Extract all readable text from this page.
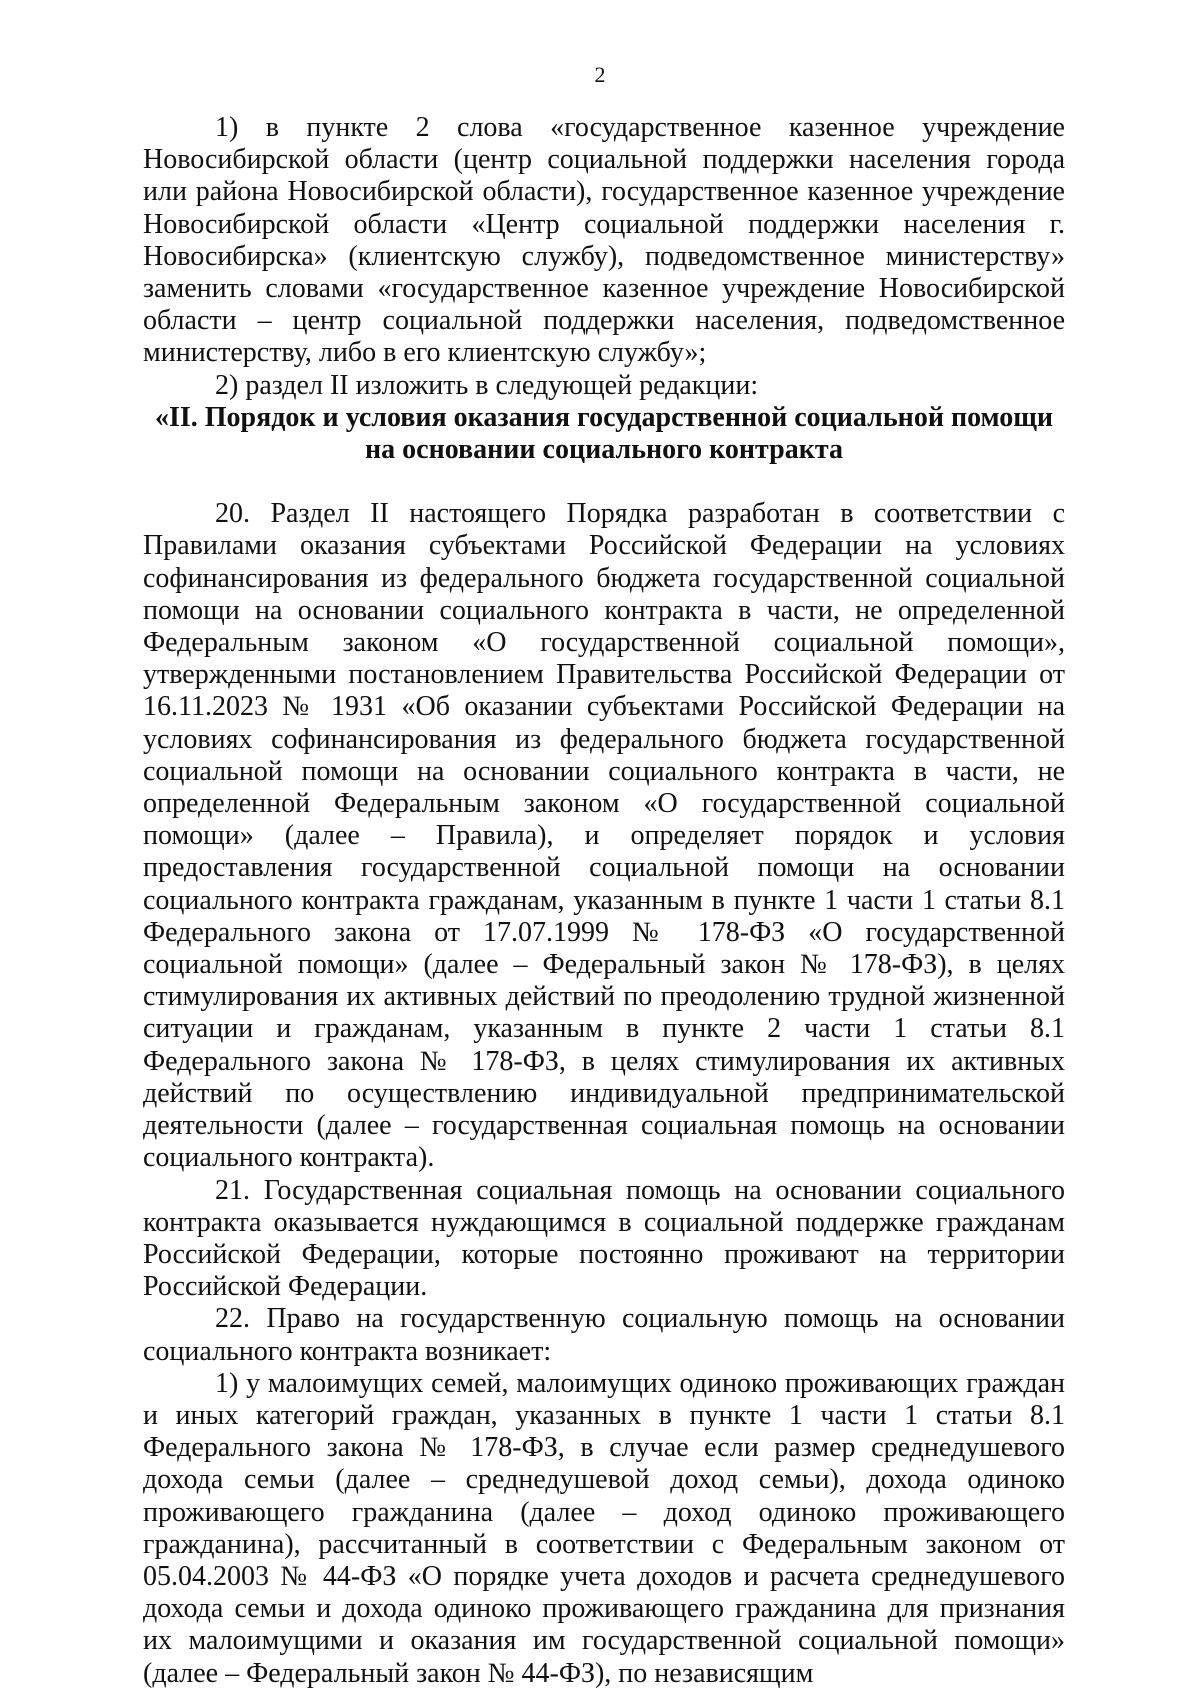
2

1) в пункте 2 слова «государственное казенное учреждение Новосибирской области (центр социальной поддержки населения города или района Новосибирской области), государственное казенное учреждение Новосибирской области «Центр социальной поддержки населения г. Новосибирска» (клиентскую службу), подведомственное министерству» заменить словами «государственное казенное учреждение Новосибирской области – центр социальной поддержки населения, подведомственное министерству, либо в его клиентскую службу»;

2) раздел II изложить в следующей редакции:

«II. Порядок и условия оказания государственной социальной помощи

на основании социального контракта

20. Раздел II настоящего Порядка разработан в соответствии с Правилами оказания субъектами Российской Федерации на условиях софинансирования из федерального бюджета государственной социальной помощи на основании социального контракта в части, не определенной Федеральным законом «О государственной социальной помощи», утвержденными постановлением Правительства Российской Федерации от 16.11.2023 № 1931 «Об оказании субъектами Российской Федерации на условиях софинансирования из федерального бюджета государственной социальной помощи на основании социального контракта в части, не определенной Федеральным законом «О государственной социальной помощи» (далее – Правила), и определяет порядок и условия предоставления государственной социальной помощи на основании социального контракта гражданам, указанным в пункте 1 части 1 статьи 8.1 Федерального закона от 17.07.1999 № 178-ФЗ «О государственной социальной помощи» (далее – Федеральный закон № 178-ФЗ), в целях стимулирования их активных действий по преодолению трудной жизненной ситуации и гражданам, указанным в пункте 2 части 1 статьи 8.1 Федерального закона № 178-ФЗ, в целях стимулирования их активных действий по осуществлению индивидуальной предпринимательской деятельности (далее – государственная социальная помощь на основании социального контракта).

21. Государственная социальная помощь на основании социального контракта оказывается нуждающимся в социальной поддержке гражданам Российской Федерации, которые постоянно проживают на территории Российской Федерации.

22. Право на государственную социальную помощь на основании социального контракта возникает:

1) у малоимущих семей, малоимущих одиноко проживающих граждан и иных категорий граждан, указанных в пункте 1 части 1 статьи 8.1 Федерального закона № 178-ФЗ, в случае если размер среднедушевого дохода семьи (далее – среднедушевой доход семьи), дохода одиноко проживающего гражданина (далее – доход одиноко проживающего гражданина), рассчитанный в соответствии с Федеральным законом от 05.04.2003 № 44-ФЗ «О порядке учета доходов и расчета среднедушевого дохода семьи и дохода одиноко проживающего гражданина для признания их малоимущими и оказания им государственной социальной помощи» (далее – Федеральный закон № 44-ФЗ), по независящим
